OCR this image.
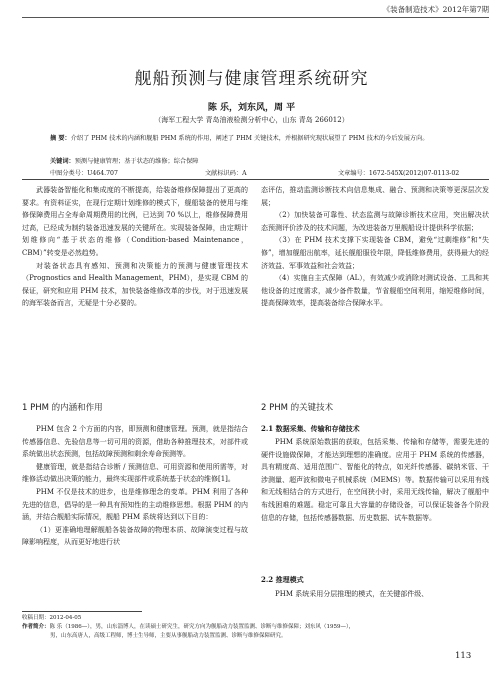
《装备制造技术》2012年第7期
舰船预测与健康管理系统研究
陈 乐，刘东风，周 平
（海军工程大学 青岛油液检测分析中心，山东 青岛 266012）
摘 要：介绍了 PHM 技术的内涵和舰船 PHM 系统的作用，阐述了 PHM 关键技术，并根据研究现状展望了 PHM 技术的今后发展方向。
关键词：预测与健康管理；基于状态的维修；综合保障
中图分类号：U464.707	文献标识码：A	文章编号：1672-545X(2012)07-0113-02

武器装备智能化和集成度的不断提高，给装备维修保障提出了更高的要求。有资料证实，在现行定期计划维修的模式下，舰船装备的使用与维修保障费用占全寿命周期费用的比例，已达到 70 %以上，维修保障费用过高，已经成为制约装备迅速发展的关键所在。实现装备保障，由定期计划维修向“基于状态的维修（Condition-based Maintenance，CBM）”转变是必然趋势。

对装备状态具有感知、预测和决策能力的预测与健康管理技术（Prognostics and Health Management，PHM），是实现 CBM 的保证，研究和应用 PHM 技术，加快装备维修改革的步伐，对于迅速发展的海军装备而言，无疑是十分必要的。

1 PHM 的内涵和作用

PHM 包含 2 个方面的内容，即预测和健康管理。预测，就是指结合传感器信息、先验信息等一切可用的资源，借助各种推理技术，对部件或系统做出状态预测，包括故障预测和剩余寿命预测等。

健康管理，就是指结合诊断 / 预测信息、可用资源和使用所需等，对维修活动做出决策的能力，最终实现部件或系统基于状态的维修[1]。

PHM 不仅是技术的进步，也是维修理念的变革。PHM 利用了各种先进的信息，倡导的是一种具有预知性的主动维修思想。根据 PHM 的内涵，并结合舰船实际情况，舰船 PHM 系统将达到以下目的：

（1）更准确地理解舰船各装备故障的物理本质、故障演变过程与故障影响程度，从而更好地进行状

态评估，推动监测诊断技术向信息集成、融合、预测和决策等更深层次发展；

（2）加快装备可靠性、状态监测与故障诊断技术应用，突出解决状态预测评价涉及的技术问题，为改进装备万里舰船设计提供科学依据；

（3）在 PHM 技术支撑下实现装备 CBM，避免“过剩维修”和“失修”，增加舰船出航率，延长舰船服役年限，降低维修费用，获得最大的经济效益、军事效益和社会效益；

（4）实施自主式保障（AL），有效减少或消除对测试设备、工具和其他设备的过度需求，减少备件数量，节省舰船空间利用，缩短维修时间，提高保障效率，提高装备综合保障水平。

2 PHM 的关键技术
2.1 数据采集、传输和存储技术

PHM 系统原始数据的获取，包括采集、传输和存储等，需要先进的硬件设施做保障，才能达到理想的准确度。应用于 PHM 系统的传感器，具有精度高、适用范围广、智能化的特点，如光纤传感器、碳纳米管、干涉测量、超声波和微电子机械系统（MEMS）等。数据传输可以采用有线和无线相结合的方式进行，在空间狭小时，采用无线传输，解决了舰船中布线困难的难题。稳定可靠且大容量的存储设备，可以保证装备各个阶段信息的存储，包括传感器数据、历史数据、试车数据等。

2.2 推理模式

PHM 系统采用分层推理的模式，在关键部件级、

收稿日期：2012-04-05
作者简介：陈 乐（1986—），男，山东淄博人，在读硕士研究生，研究方向为舰船动力装置监测、诊断与维修保障；刘东风（1959—），
男，山东高唐人，高级工程师，博士生导师，主要从事舰船动力装置监测、诊断与维修保障研究。
113
